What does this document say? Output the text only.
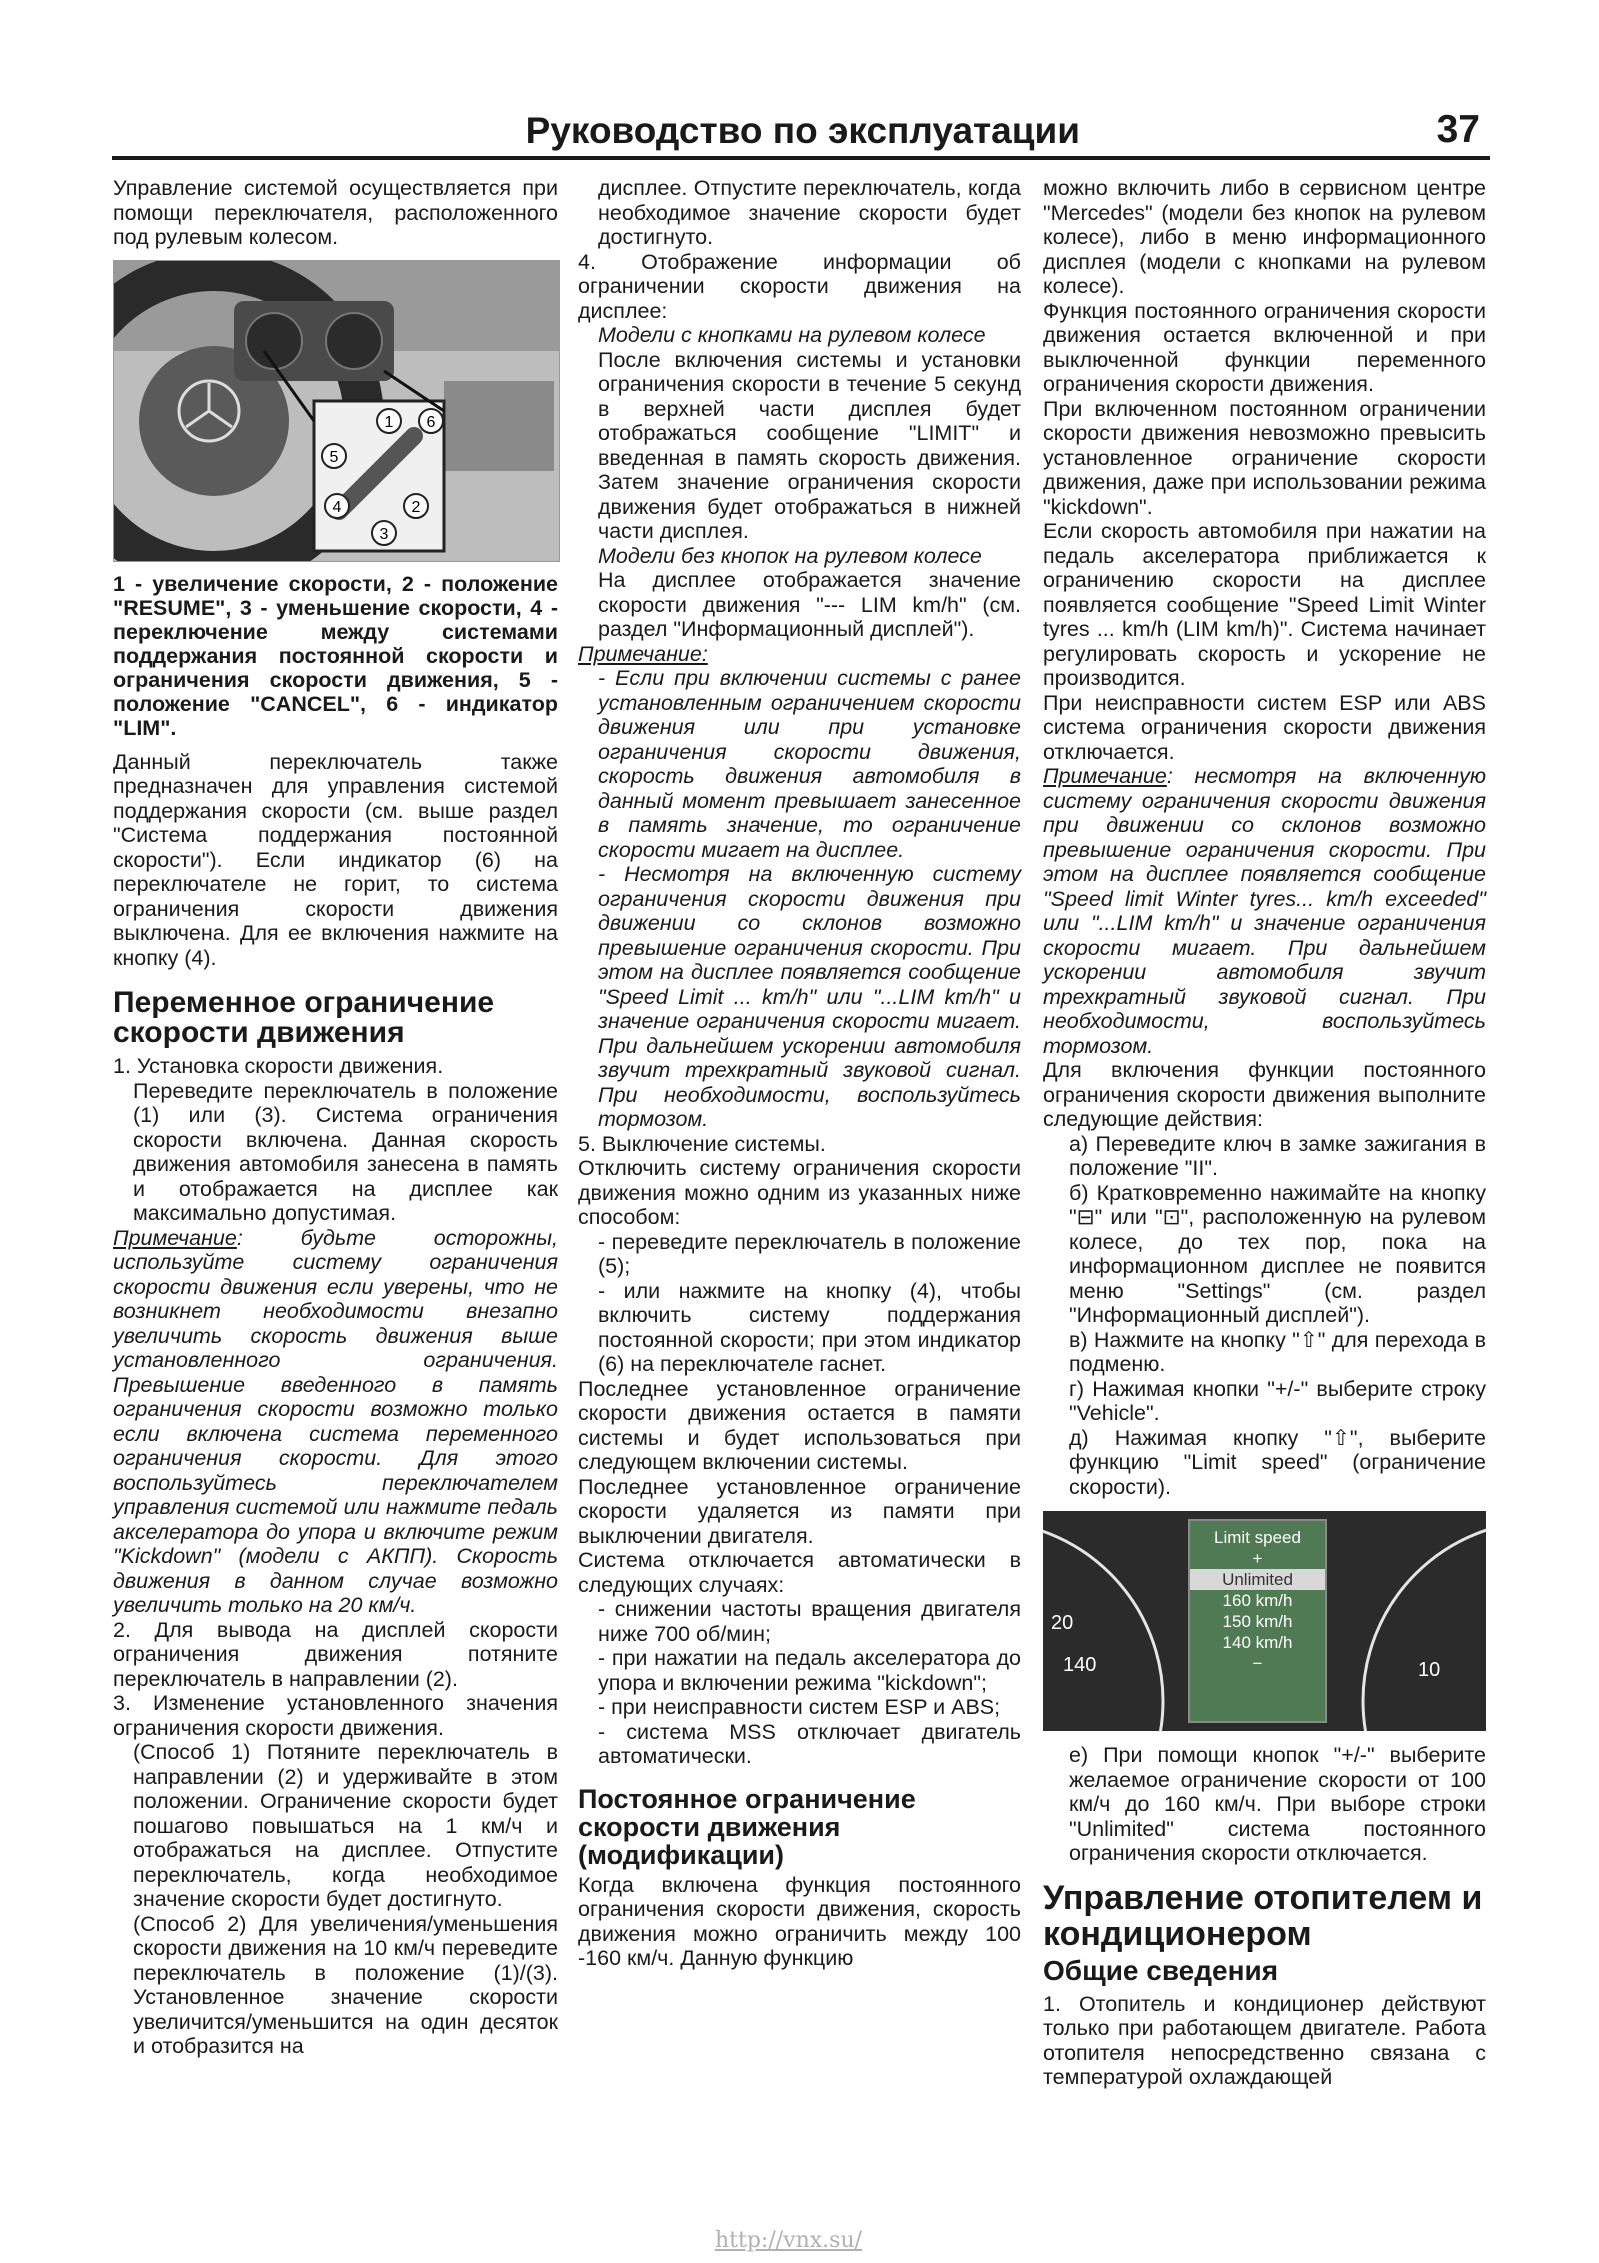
Руководство по эксплуатации	37

Управление системой осуществляется при помощи переключателя, расположенного под рулевым колесом.

1
2
3
4
5
6

1 - увеличение скорости, 2 - положение "RESUME", 3 - уменьшение скорости, 4 - переключение между системами поддержания постоянной скорости и ограничения скорости движения, 5 - положение "CANCEL", 6 - индикатор "LIM".

Данный переключатель также предназначен для управления системой поддержания скорости (см. выше раздел "Система поддержания постоянной скорости"). Если индикатор (6) на переключателе не горит, то система ограничения скорости движения выключена. Для ее включения нажмите на кнопку (4).

Переменное ограничение скорости движения

1. Установка скорости движения.

Переведите переключатель в положение (1) или (3). Система ограничения скорости включена. Данная скорость движения автомобиля занесена в память и отображается на дисплее как максимально допустимая.

Примечание: будьте осторожны, используйте систему ограничения скорости движения если уверены, что не возникнет необходимости внезапно увеличить скорость движения выше установленного ограничения. Превышение введенного в память ограничения скорости возможно только если включена система переменного ограничения скорости. Для этого воспользуйтесь переключателем управления системой или нажмите педаль акселератора до упора и включите режим "Kickdown" (модели с АКПП). Скорость движения в данном случае возможно увеличить только на 20 км/ч.

2. Для вывода на дисплей скорости ограничения движения потяните переключатель в направлении (2).

3. Изменение установленного значения ограничения скорости движения.

(Способ 1) Потяните переключатель в направлении (2) и удерживайте в этом положении. Ограничение скорости будет пошагово повышаться на 1 км/ч и отображаться на дисплее. Отпустите переключатель, когда необходимое значение скорости будет достигнуто.

(Способ 2) Для увеличения/уменьшения скорости движения на 10 км/ч переведите переключатель в положение (1)/(3). Установленное значение скорости увеличится/уменьшится на один десяток и отобразится на

дисплее. Отпустите переключатель, когда необходимое значение скорости будет достигнуто.

4. Отображение информации об ограничении скорости движения на дисплее:

Модели с кнопками на рулевом колесе

После включения системы и установки ограничения скорости в течение 5 секунд в верхней части дисплея будет отображаться сообщение "LIMIT" и введенная в память скорость движения. Затем значение ограничения скорости движения будет отображаться в нижней части дисплея.

Модели без кнопок на рулевом колесе

На дисплее отображается значение скорости движения "--- LIM km/h" (см. раздел "Информационный дисплей").

Примечание:

- Если при включении системы с ранее установленным ограничением скорости движения или при установке ограничения скорости движения, скорость движения автомобиля в данный момент превышает занесенное в память значение, то ограничение скорости мигает на дисплее.

- Несмотря на включенную систему ограничения скорости движения при движении со склонов возможно превышение ограничения скорости. При этом на дисплее появляется сообщение "Speed Limit ... km/h" или "...LIM km/h" и значение ограничения скорости мигает. При дальнейшем ускорении автомобиля звучит трехкратный звуковой сигнал. При необходимости, воспользуйтесь тормозом.

5. Выключение системы.

Отключить систему ограничения скорости движения можно одним из указанных ниже способом:

- переведите переключатель в положение (5);

- или нажмите на кнопку (4), чтобы включить систему поддержания постоянной скорости; при этом индикатор (6) на переключателе гаснет.

Последнее установленное ограничение скорости движения остается в памяти системы и будет использоваться при следующем включении системы.

Последнее установленное ограничение скорости удаляется из памяти при выключении двигателя.

Система отключается автоматически в следующих случаях:

- снижении частоты вращения двигателя ниже 700 об/мин;

- при нажатии на педаль акселератора до упора и включении режима "kickdown";

- при неисправности систем ESP и ABS;

- система MSS отключает двигатель автоматически.

Постоянное ограничение скорости движения (модификации)

Когда включена функция постоянного ограничения скорости движения, скорость движения можно ограничить между 100 -160 км/ч. Данную функцию

можно включить либо в сервисном центре "Mercedes" (модели без кнопок на рулевом колесе), либо в меню информационного дисплея (модели с кнопками на рулевом колесе).

Функция постоянного ограничения скорости движения остается включенной и при выключенной функции переменного ограничения скорости движения.

При включенном постоянном ограничении скорости движения невозможно превысить установленное ограничение скорости движения, даже при использовании режима "kickdown".

Если скорость автомобиля при нажатии на педаль акселератора приближается к ограничению скорости на дисплее появляется сообщение "Speed Limit Winter tyres ... km/h (LIM km/h)". Система начинает регулировать скорость и ускорение не производится.

При неисправности систем ESP или ABS система ограничения скорости движения отключается.

Примечание: несмотря на включенную систему ограничения скорости движения при движении со склонов возможно превышение ограничения скорости. При этом на дисплее появляется сообщение "Speed limit Winter tyres... km/h exceeded" или "...LIM km/h" и значение ограничения скорости мигает. При дальнейшем ускорении автомобиля звучит трехкратный звуковой сигнал. При необходимости, воспользуйтесь тормозом.

Для включения функции постоянного ограничения скорости движения выполните следующие действия:

а) Переведите ключ в замке зажигания в положение "II".

б) Кратковременно нажимайте на кнопку "⊟" или "⊡", расположенную на рулевом колесе, до тех пор, пока на информационном дисплее не появится меню "Settings" (см. раздел "Информационный дисплей").

в) Нажмите на кнопку "⇧" для перехода в подменю.

г) Нажимая кнопки "+/-" выберите строку "Vehicle".

д) Нажимая кнопку "⇧", выберите функцию "Limit speed" (ограничение скорости).

20
140	10
Limit speed
+
Unlimited
160 km/h
150 km/h
140 km/h
−

е) При помощи кнопок "+/-" выберите желаемое ограничение скорости от 100 км/ч до 160 км/ч. При выборе строки "Unlimited" система постоянного ограничения скорости отключается.

Управление отопителем и кондиционером
Общие сведения

1. Отопитель и кондиционер действуют только при работающем двигателе. Работа отопителя непосредственно связана с температурой охлаждающей

http://vnx.su/
